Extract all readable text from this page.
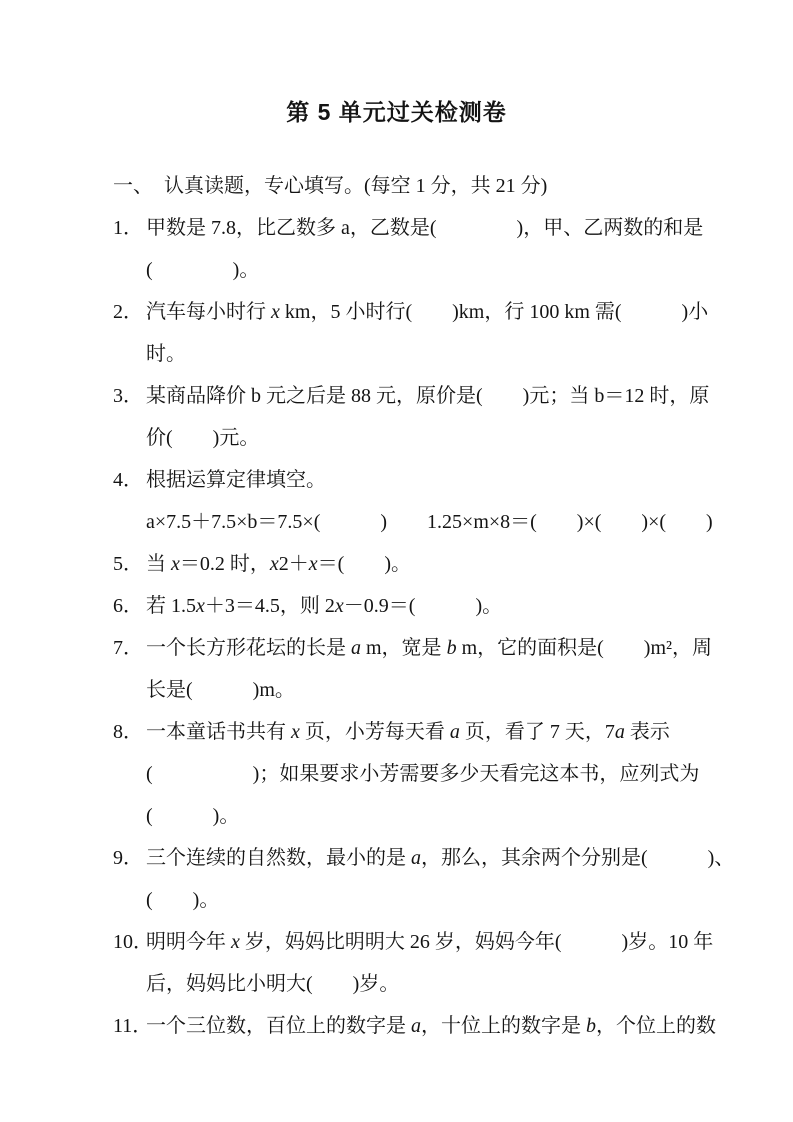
第 5 单元过关检测卷
一、 认真读题，专心填写。(每空 1 分，共 21 分)
1． 甲数是 7.8，比乙数多 a，乙数是(　　　　)，甲、乙两数的和是
(　　　　)。
2． 汽车每小时行 x km，5 小时行(　　)km，行 100 km 需(　　　)小
时。
3． 某商品降价 b 元之后是 88 元，原价是(　　)元；当 b＝12 时，原
价(　　)元。
4． 根据运算定律填空。
a×7.5＋7.5×b＝7.5×(　　　)　　1.25×m×8＝(　　)×(　　)×(　　)
5． 当 x＝0.2 时，x2＋x＝(　　)。
6． 若 1.5x＋3＝4.5，则 2x－0.9＝(　　　)。
7． 一个长方形花坛的长是 a m，宽是 b m，它的面积是(　　)m²，周
长是(　　　)m。
8． 一本童话书共有 x 页，小芳每天看 a 页，看了 7 天，7a 表示
(　　　　　)；如果要求小芳需要多少天看完这本书，应列式为
(　　　)。
9． 三个连续的自然数，最小的是 a，那么，其余两个分别是(　　　)、
(　　)。
10．
明明今年 x 岁，妈妈比明明大 26 岁，妈妈今年(　　　)岁。10 年
后，妈妈比小明大(　　)岁。
11．
一个三位数，百位上的数字是 a，十位上的数字是 b，个位上的数
